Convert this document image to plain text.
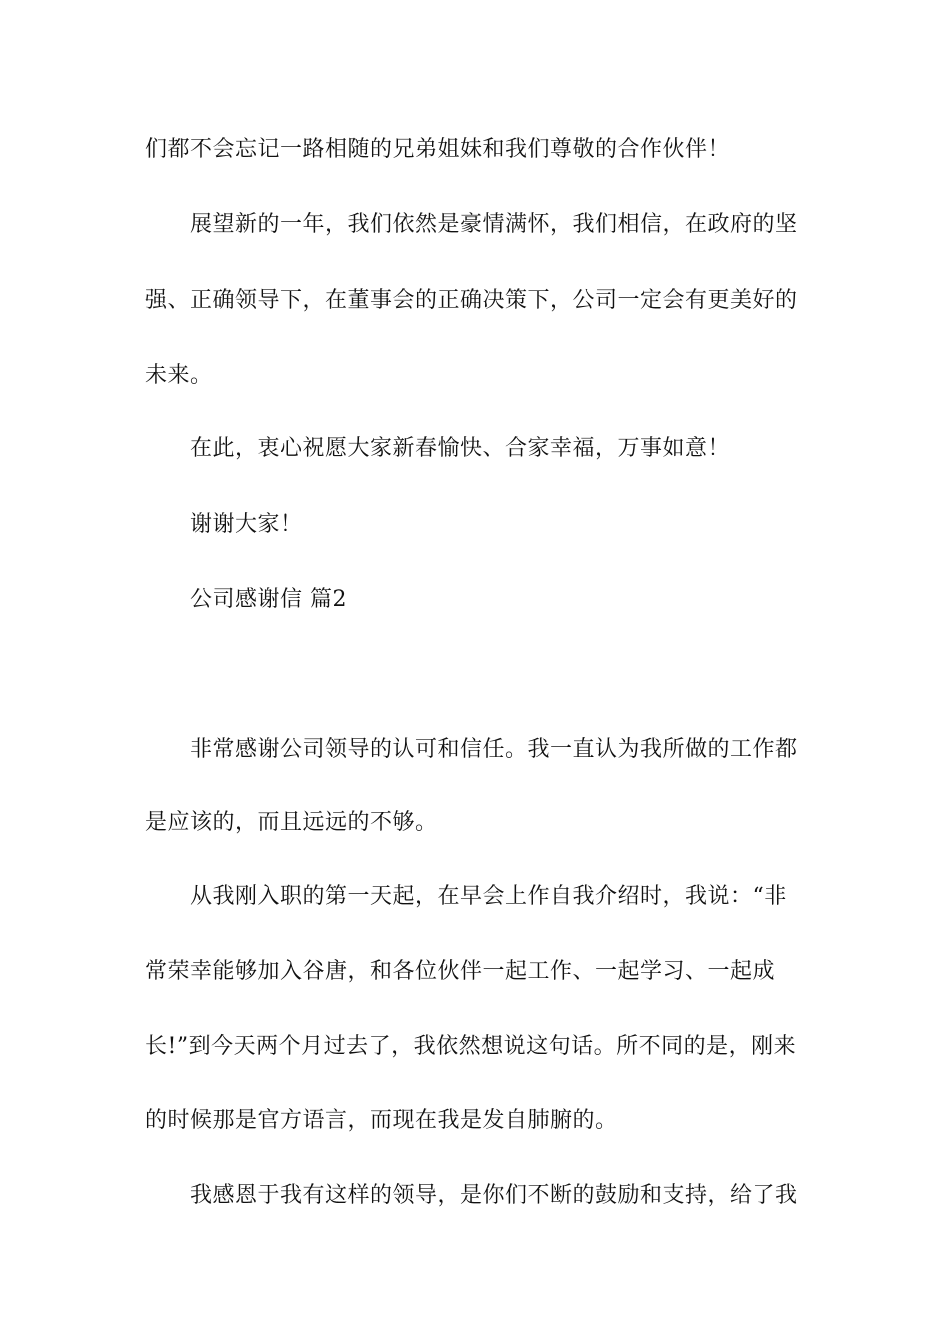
们都不会忘记一路相随的兄弟姐妹和我们尊敬的合作伙伴！
展望新的一年，我们依然是豪情满怀，我们相信，在政府的坚
强、正确领导下，在董事会的正确决策下，公司一定会有更美好的
未来。
在此，衷心祝愿大家新春愉快、合家幸福，万事如意！
谢谢大家！
公司感谢信 篇2
非常感谢公司领导的认可和信任。我一直认为我所做的工作都
是应该的，而且远远的不够。
从我刚入职的第一天起，在早会上作自我介绍时，我说：“非
常荣幸能够加入谷唐，和各位伙伴一起工作、一起学习、一起成
长!”到今天两个月过去了，我依然想说这句话。所不同的是，刚来
的时候那是官方语言，而现在我是发自肺腑的。
我感恩于我有这样的领导，是你们不断的鼓励和支持，给了我
